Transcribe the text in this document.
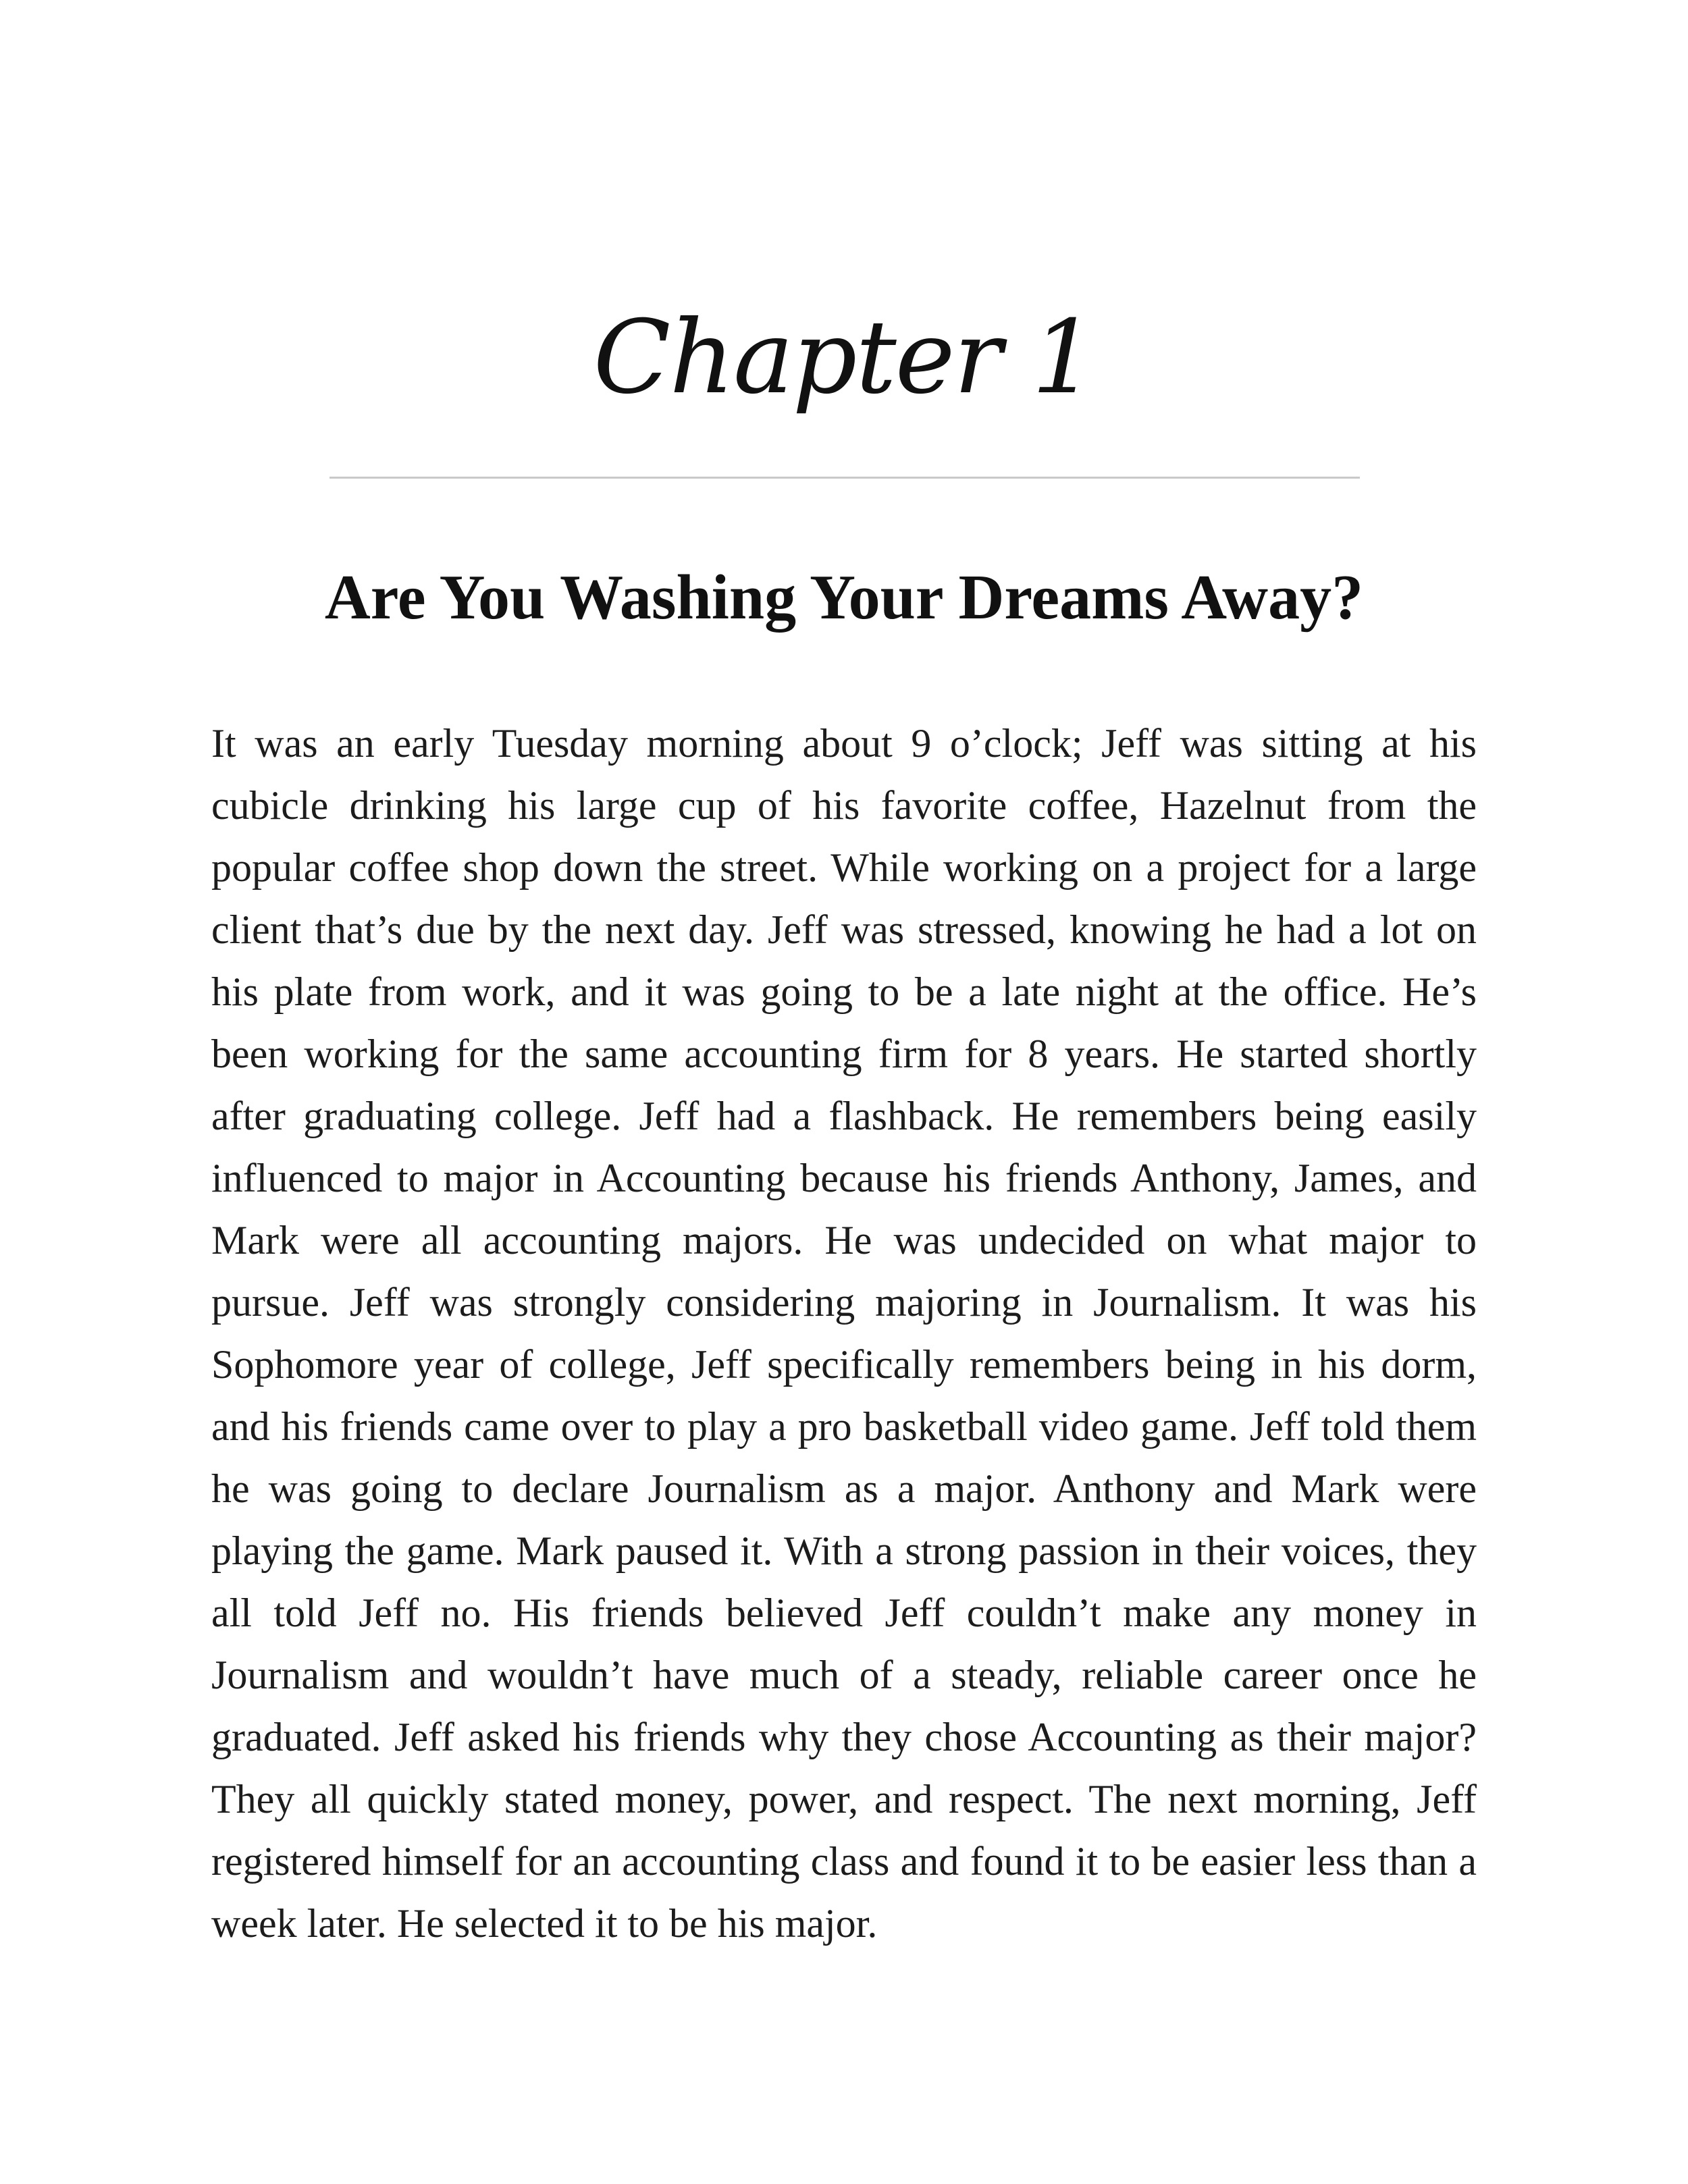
Chapter 1
Are You Washing Your Dreams Away?

It was an early Tuesday morning about 9 o’clock; Jeff was sitting at his cubicle drinking his large cup of his favorite coffee, Hazelnut from the popular coffee shop down the street. While working on a project for a large client that’s due by the next day. Jeff was stressed, knowing he had a lot on his plate from work, and it was going to be a late night at the office. He’s been working for the same accounting firm for 8 years. He started shortly after graduating college. Jeff had a flashback. He remembers being easily influenced to major in Accounting because his friends Anthony, James, and Mark were all accounting majors. He was undecided on what major to pursue. Jeff was strongly considering majoring in Journalism. It was his Sophomore year of college, Jeff specifically remembers being in his dorm, and his friends came over to play a pro basketball video game. Jeff told them he was going to declare Journalism as a major. Anthony and Mark were playing the game. Mark paused it. With a strong passion in their voices, they all told Jeff no. His friends believed Jeff couldn’t make any money in Journalism and wouldn’t have much of a steady, reliable career once he graduated. Jeff asked his friends why they chose Accounting as their major? They all quickly stated money, power, and respect. The next morning, Jeff registered himself for an accounting class and found it to be easier less than a week later. He selected it to be his major.
